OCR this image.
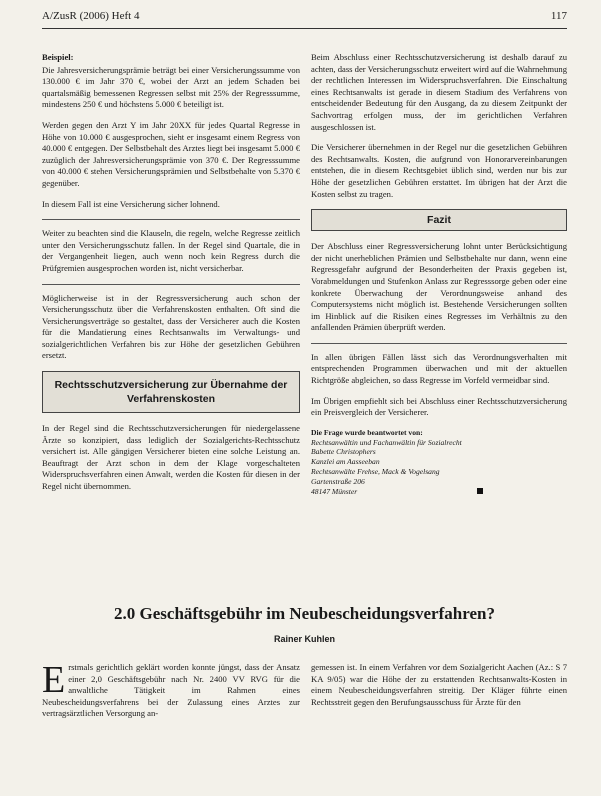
A/ZusR (2006) Heft 4	117

Beispiel:

Die Jahresversicherungsprämie beträgt bei einer Versicherungssumme von 130.000 € im Jahr 370 €, wobei der Arzt an jedem Schaden bei quartalsmäßig bemessenen Regressen selbst mit 25% der Regresssumme, mindestens 250 € und höchstens 5.000 € beteiligt ist.

Werden gegen den Arzt Y im Jahr 20XX für jedes Quartal Regresse in Höhe von 10.000 € ausgesprochen, sieht er insgesamt einem Regress von 40.000 € entgegen. Der Selbstbehalt des Arztes liegt bei insgesamt 5.000 € zuzüglich der Jahresversicherungsprämie von 370 €. Der Regresssumme von 40.000 € stehen Versicherungsprämien und Selbstbehalte von 5.370 € gegenüber.

In diesem Fall ist eine Versicherung sicher lohnend.

Weiter zu beachten sind die Klauseln, die regeln, welche Regresse zeitlich unter den Versicherungsschutz fallen. In der Regel sind Quartale, die in der Vergangenheit liegen, auch wenn noch kein Regress durch die Prüfgremien ausgesprochen worden ist, nicht versicherbar.

Möglicherweise ist in der Regressversicherung auch schon der Versicherungsschutz über die Verfahrenskosten enthalten. Oft sind die Versicherungsverträge so gestaltet, dass der Versicherer auch die Kosten für die Mandatierung eines Rechtsanwalts im Verwaltungs- und sozialgerichtlichen Verfahren bis zur Höhe der gesetzlichen Gebühren ersetzt.

Rechtsschutzversicherung zur Übernahme der Verfahrenskosten

In der Regel sind die Rechtsschutzversicherungen für niedergelassene Ärzte so konzipiert, dass lediglich der Sozialgerichts-Rechtsschutz versichert ist. Alle gängigen Versicherer bieten eine solche Leistung an. Beauftragt der Arzt schon in dem der Klage vorgeschalteten Widerspruchsverfahren einen Anwalt, werden die Kosten für diesen in der Regel nicht übernommen.

Beim Abschluss einer Rechtsschutzversicherung ist deshalb darauf zu achten, dass der Versicherungsschutz erweitert wird auf die Wahrnehmung der rechtlichen Interessen im Widerspruchsverfahren. Die Einschaltung eines Rechtsanwalts ist gerade in diesem Stadium des Verfahrens von entscheidender Bedeutung für den Ausgang, da zu diesem Zeitpunkt der Sachvortrag erfolgen muss, der im gerichtlichen Verfahren ausgeschlossen ist.

Die Versicherer übernehmen in der Regel nur die gesetzlichen Gebühren des Rechtsanwalts. Kosten, die aufgrund von Honorarvereinbarungen entstehen, die in diesem Rechtsgebiet üblich sind, werden nur bis zur Höhe der gesetzlichen Gebühren erstattet. Im übrigen hat der Arzt die Kosten selbst zu tragen.

Fazit

Der Abschluss einer Regressversicherung lohnt unter Berücksichtigung der nicht unerheblichen Prämien und Selbstbehalte nur dann, wenn eine Regressgefahr aufgrund der Besonderheiten der Praxis gegeben ist, Vorabmeldungen und Stufenkon Anlass zur Regresssorge geben oder eine konkrete Überwachung der Verordnungsweise anhand des Computersystems nicht möglich ist. Bestehende Versicherungen sollten im Hinblick auf die Risiken eines Regresses im Verhältnis zu den anfallenden Prämien überprüft werden.

In allen übrigen Fällen lässt sich das Verordnungsverhalten mit entsprechenden Programmen überwachen und mit der aktuellen Richtgröße abgleichen, so dass Regresse im Vorfeld vermeidbar sind.

Im Übrigen empfiehlt sich bei Abschluss einer Rechtsschutzversicherung ein Preisvergleich der Versicherer.

Die Frage wurde beantwortet von:

Rechtsanwältin und Fachanwältin für Sozialrecht

Babette Christophers

Kanzlei am Aasseeban

Rechtsanwälte Frehse, Mack & Vogelsang

Gartenstraße 206

48147 Münster

2.0 Geschäftsgebühr im Neubescheidungsverfahren?

Rainer Kuhlen

Erstmals gerichtlich geklärt worden konnte jüngst, dass der Ansatz einer 2,0 Geschäftsgebühr nach Nr. 2400 VV RVG für die anwaltliche Tätigkeit im Rahmen eines Neubescheidungsverfahrens bei der Zulassung eines Arztes zur vertragsärztlichen Versorgung an-
gemessen ist. In einem Verfahren vor dem Sozialgericht Aachen (Az.: S 7 KA 9/05) war die Höhe der zu erstattenden Rechtsanwalts-Kosten in einem Neubescheidungsverfahren streitig. Der Kläger führte einen Rechtsstreit gegen den Berufungsausschuss für Ärzte für den
